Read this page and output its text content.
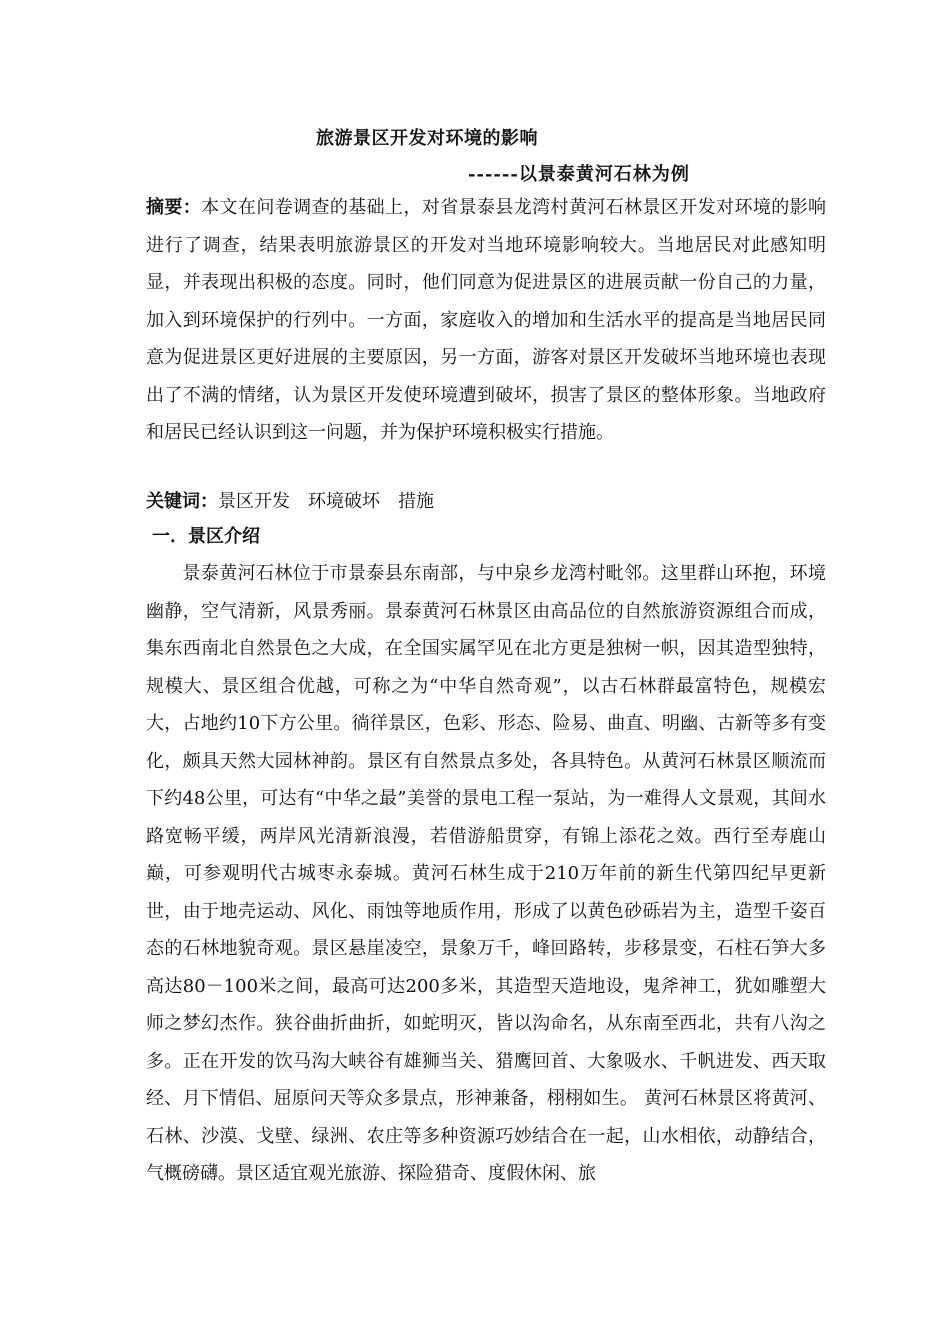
旅游景区开发对环境的影响
------以景泰黄河石林为例
摘要：本文在问卷调查的基础上，对省景泰县龙湾村黄河石林景区开发对环境的影响进行了调查，结果表明旅游景区的开发对当地环境影响较大。当地居民对此感知明显，并表现出积极的态度。同时，他们同意为促进景区的进展贡献一份自己的力量，加入到环境保护的行列中。一方面，家庭收入的增加和生活水平的提高是当地居民同意为促进景区更好进展的主要原因，另一方面，游客对景区开发破坏当地环境也表现出了不满的情绪，认为景区开发使环境遭到破坏，损害了景区的整体形象。当地政府和居民已经认识到这一问题，并为保护环境积极实行措施。
关键词：景区开发 环境破坏 措施
一．景区介绍
景泰黄河石林位于市景泰县东南部，与中泉乡龙湾村毗邻。这里群山环抱，环境幽静，空气清新，风景秀丽。景泰黄河石林景区由高品位的自然旅游资源组合而成，集东西南北自然景色之大成，在全国实属罕见在北方更是独树一帜，因其造型独特，规模大、景区组合优越，可称之为“中华自然奇观”，以古石林群最富特色，规模宏大，占地约10下方公里。徜徉景区，色彩、形态、险易、曲直、明幽、古新等多有变化，颇具天然大园林神韵。景区有自然景点多处，各具特色。从黄河石林景区顺流而下约48公里，可达有“中华之最”美誉的景电工程一泵站，为一难得人文景观，其间水路宽畅平缓，两岸风光清新浪漫，若借游船贯穿，有锦上添花之效。西行至寿鹿山巅，可参观明代古城枣永泰城。黄河石林生成于210万年前的新生代第四纪早更新世，由于地壳运动、风化、雨蚀等地质作用，形成了以黄色砂砾岩为主，造型千姿百态的石林地貌奇观。景区悬崖凌空，景象万千，峰回路转，步移景变，石柱石笋大多高达80－100米之间，最高可达200多米，其造型天造地设，鬼斧神工，犹如雕塑大师之梦幻杰作。狭谷曲折曲折，如蛇明灭，皆以沟命名，从东南至西北，共有八沟之多。正在开发的饮马沟大峡谷有雄狮当关、猎鹰回首、大象吸水、千帆进发、西天取经、月下情侣、屈原问天等众多景点，形神兼备，栩栩如生。 黄河石林景区将黄河、石林、沙漠、戈壁、绿洲、农庄等多种资源巧妙结合在一起，山水相依，动静结合，气概磅礴。景区适宜观光旅游、探险猎奇、度假休闲、旅
